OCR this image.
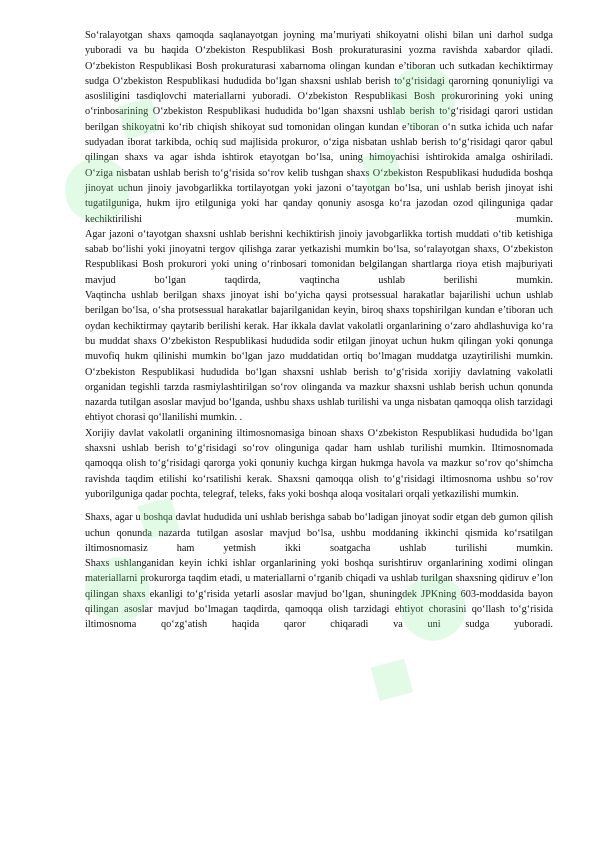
So‘ralayotgan shaxs qamoqda saqlanayotgan joyning ma’muriyati shikoyatni olishi bilan uni darhol sudga yuboradi va bu haqida O‘zbekiston Respublikasi Bosh prokuraturasini yozma ravishda xabardor qiladi.

O‘zbekiston Respublikasi Bosh prokuraturasi xabarnoma olingan kundan e’tiboran uch sutkadan kechiktirmay sudga O‘zbekiston Respublikasi hududida bo‘lgan shaxsni ushlab berish to‘g‘risidagi qarorning qonuniyligi va asosliligini tasdiqlovchi materiallarni yuboradi. O‘zbekiston Respublikasi Bosh prokurorining yoki uning o‘rinbosarining O‘zbekiston Respublikasi hududida bo‘lgan shaxsni ushlab berish to‘g‘risidagi qarori ustidan berilgan shikoyatni ko‘rib chiqish shikoyat sud tomonidan olingan kundan e’tiboran o‘n sutka ichida uch nafar sudyadan iborat tarkibda, ochiq sud majlisida prokuror, o‘ziga nisbatan ushlab berish to‘g‘risidagi qaror qabul qilingan shaxs va agar ishda ishtirok etayotgan bo‘lsa, uning himoyachisi ishtirokida amalga oshiriladi.

O‘ziga nisbatan ushlab berish to‘g‘risida so‘rov kelib tushgan shaxs O‘zbekiston Respublikasi hududida boshqa jinoyat uchun jinoiy javobgarlikka tortilayotgan yoki jazoni o‘tayotgan bo‘lsa, uni ushlab berish jinoyat ishi tugatilguniga, hukm ijro etilguniga yoki har qanday qonuniy asosga ko‘ra jazodan ozod qilinguniga qadar kechiktirilishi mumkin.

Agar jazoni o‘tayotgan shaxsni ushlab berishni kechiktirish jinoiy javobgarlikka tortish muddati o‘tib ketishiga sabab bo‘lishi yoki jinoyatni tergov qilishga zarar yetkazishi mumkin bo‘lsa, so‘ralayotgan shaxs, O‘zbekiston Respublikasi Bosh prokurori yoki uning o‘rinbosari tomonidan belgilangan shartlarga rioya etish majburiyati mavjud bo‘lgan taqdirda, vaqtincha ushlab berilishi mumkin.

Vaqtincha ushlab berilgan shaxs jinoyat ishi bo‘yicha qaysi protsessual harakatlar bajarilishi uchun ushlab berilgan bo‘lsa, o‘sha protsessual harakatlar bajarilganidan keyin, biroq shaxs topshirilgan kundan e’tiboran uch oydan kechiktirmay qaytarib berilishi kerak. Har ikkala davlat vakolatli organlarining o‘zaro ahdlashuviga ko‘ra bu muddat shaxs O‘zbekiston Respublikasi hududida sodir etilgan jinoyat uchun hukm qilingan yoki qonunga muvofiq hukm qilinishi mumkin bo‘lgan jazo muddatidan ortiq bo‘lmagan muddatga uzaytirilishi mumkin. O‘zbekiston Respublikasi hududida bo‘lgan shaxsni ushlab berish to‘g‘risida xorijiy davlatning vakolatli organidan tegishli tarzda rasmiylashtirilgan so‘rov olinganda va mazkur shaxsni ushlab berish uchun qonunda nazarda tutilgan asoslar mavjud bo‘lganda, ushbu shaxs ushlab turilishi va unga nisbatan qamoqqa olish tarzidagi ehtiyot chorasi qo‘llanilishi mumkin. .

Xorijiy davlat vakolatli organining iltimosnomasiga binoan shaxs O‘zbekiston Respublikasi hududida bo‘lgan shaxsni ushlab berish to‘g‘risidagi so‘rov olinguniga qadar ham ushlab turilishi mumkin. Iltimosnomada qamoqqa olish to‘g‘risidagi qarorga yoki qonuniy kuchga kirgan hukmga havola va mazkur so‘rov qo‘shimcha ravishda taqdim etilishi ko‘rsatilishi kerak. Shaxsni qamoqqa olish to‘g‘risidagi iltimosnoma ushbu so‘rov yuborilguniga qadar pochta, telegraf, teleks, faks yoki boshqa aloqa vositalari orqali yetkazilishi mumkin.

Shaxs, agar u boshqa davlat hududida uni ushlab berishga sabab bo‘ladigan jinoyat sodir etgan deb gumon qilish uchun qonunda nazarda tutilgan asoslar mavjud bo‘lsa, ushbu moddaning ikkinchi qismida ko‘rsatilgan iltimosnomasiz ham yetmish ikki soatgacha ushlab turilishi mumkin.

Shaxs ushlanganidan keyin ichki ishlar organlarining yoki boshqa surishtiruv organlarining xodimi olingan materiallarni prokurorga taqdim etadi, u materiallarni o‘rganib chiqadi va ushlab turilgan shaxsning qidiruv e’lon qilingan shaxs ekanligi to‘g‘risida yetarli asoslar mavjud bo‘lgan, shuningdek JPKning 603-moddasida bayon qilingan asoslar mavjud bo‘lmagan taqdirda, qamoqqa olish tarzidagi ehtiyot chorasini qo‘llash to‘g‘risida iltimosnoma qo‘zg‘atish haqida qaror chiqaradi va uni sudga yuboradi.

⬤ ◆ ◆ ⬤
⬤ ◆ ◆ ⬤
